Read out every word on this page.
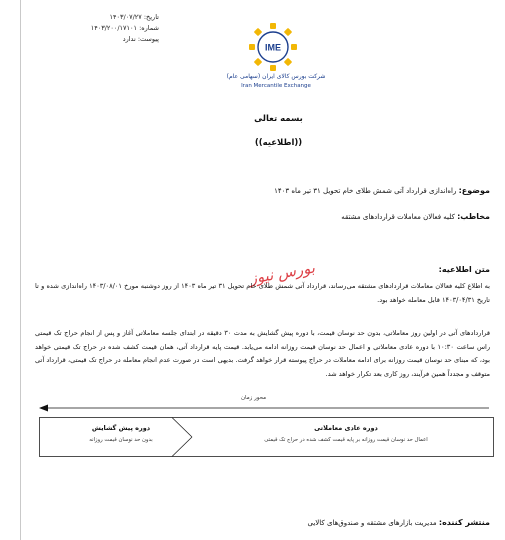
تاریخ: ۱۴۰۳/۰۷/۲۷
شماره: ۱۴۰۳/۲۰۰/۱۷۱۰۱
پیوست: ندارد
IME
شرکت بورس کالای ایران (سهامی عام)
Iran Mercantile Exchange
بسمه تعالی
((اطلاعیه))
موضوع: راه‌اندازی قرارداد آتی شمش طلای خام تحویل ۳۱ تیر ماه ۱۴۰۳
مخاطب: کلیه فعالان معاملات قراردادهای مشتقه
متن اطلاعیه:
بورس نیوز
به اطلاع کلیه فعالان معاملات قراردادهای مشتقه می‌رساند، قرارداد آتی شمش طلای خام تحویل ۳۱ تیر ماه ۱۴۰۳ از روز دوشنبه مورخ ۱۴۰۳/۰۸/۰۱ راه‌اندازی شده و تا تاریخ ۱۴۰۳/۰۴/۳۱ قابل معامله خواهد بود.
قراردادهای آتی در اولین روز معاملاتی، بدون حد نوسان قیمت، با دوره پیش گشایش به مدت ۳۰ دقیقه در ابتدای جلسه معاملاتی آغاز و پس از انجام حراج تک قیمتی راس ساعت ۱۰:۳۰ با دوره عادی معاملاتی و اعمال حد نوسان قیمت روزانه ادامه می‌یابد. قیمت پایه قرارداد آتی، همان قیمت کشف شده در حراج تک قیمتی خواهد بود، که مبنای حد نوسان قیمت روزانه برای ادامه معاملات در حراج پیوسته قرار خواهد گرفت. بدیهی است در صورت عدم انجام معامله در حراج تک قیمتی، قرارداد آتی متوقف و مجدداً همین فرآیند، روز کاری بعد تکرار خواهد شد.
محور زمان
دوره پیش گشایش
بدون حد نوسان قیمت روزانه
دوره عادی معاملاتی
اعمال حد نوسان قیمت روزانه بر پایه قیمت کشف شده در حراج تک قیمتی
منتشر کننده: مدیریت بازارهای مشتقه و صندوق‌های کالایی
